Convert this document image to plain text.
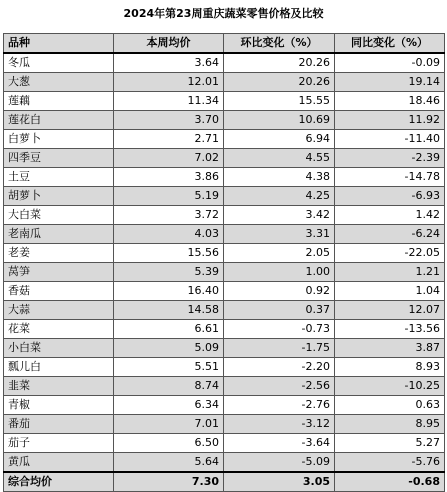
2024年第23周重庆蔬菜零售价格及比较
品种	本周均价	环比变化（%）	同比变化（%）
冬瓜	3.64	20.26	-0.09
大葱	12.01	20.26	19.14
莲藕	11.34	15.55	18.46
莲花白	3.70	10.69	11.92
白萝卜	2.71	6.94	-11.40
四季豆	7.02	4.55	-2.39
土豆	3.86	4.38	-14.78
胡萝卜	5.19	4.25	-6.93
大白菜	3.72	3.42	1.42
老南瓜	4.03	3.31	-6.24
老姜	15.56	2.05	-22.05
莴笋	5.39	1.00	1.21
香菇	16.40	0.92	1.04
大蒜	14.58	0.37	12.07
花菜	6.61	-0.73	-13.56
小白菜	5.09	-1.75	3.87
瓢儿白	5.51	-2.20	8.93
韭菜	8.74	-2.56	-10.25
青椒	6.34	-2.76	0.63
番茄	7.01	-3.12	8.95
茄子	6.50	-3.64	5.27
黄瓜	5.64	-5.09	-5.76
综合均价	7.30	3.05	-0.68
